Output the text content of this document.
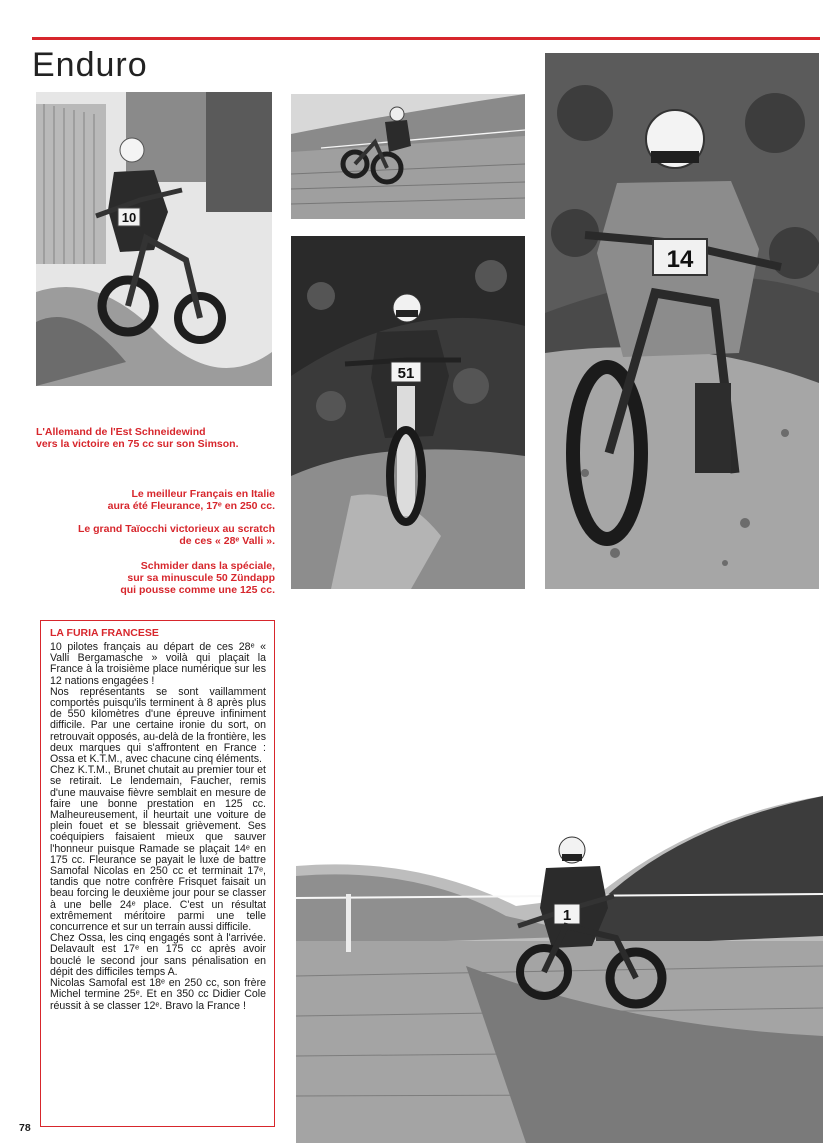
Enduro
10
51
14
1
L'Allemand de l'Est Schneidewind
vers la victoire en 75 cc sur son Simson.
Le meilleur Français en Italie
aura été Fleurance, 17ᵉ en 250 cc.
Le grand Taïocchi victorieux au scratch
de ces « 28ᵉ Valli ».
Schmider dans la spéciale,
sur sa minuscule 50 Zündapp
qui pousse comme une 125 cc.
LA FURIA FRANCESE

10 pilotes français au départ de ces 28ᵉ « Valli Bergamasche » voilà qui plaçait la France à la troisième place numérique sur les 12 nations engagées !

Nos représentants se sont vaillamment comportés puisqu'ils terminent à 8 après plus de 550 kilomètres d'une épreuve infiniment difficile. Par une certaine ironie du sort, on retrouvait opposés, au-delà de la frontière, les deux marques qui s'affrontent en France : Ossa et K.T.M., avec chacune cinq éléments.

Chez K.T.M., Brunet chutait au premier tour et se retirait. Le lendemain, Faucher, remis d'une mauvaise fièvre semblait en mesure de faire une bonne prestation en 125 cc. Malheureusement, il heurtait une voiture de plein fouet et se blessait grièvement. Ses coéquipiers faisaient mieux que sauver l'honneur puisque Ramade se plaçait 14ᵉ en 175 cc. Fleurance se payait le luxe de battre Samofal Nicolas en 250 cc et terminait 17ᵉ, tandis que notre confrère Frisquet faisait un beau forcing le deuxième jour pour se classer à une belle 24ᵉ place. C'est un résultat extrêmement méritoire parmi une telle concurrence et sur un terrain aussi difficile.

Chez Ossa, les cinq engagés sont à l'arrivée. Delavault est 17ᵉ en 175 cc après avoir bouclé le second jour sans pénalisation en dépit des difficiles temps A.

Nicolas Samofal est 18ᵉ en 250 cc, son frère Michel termine 25ᵉ. Et en 350 cc Didier Cole réussit à se classer 12ᵉ. Bravo la France !

78
